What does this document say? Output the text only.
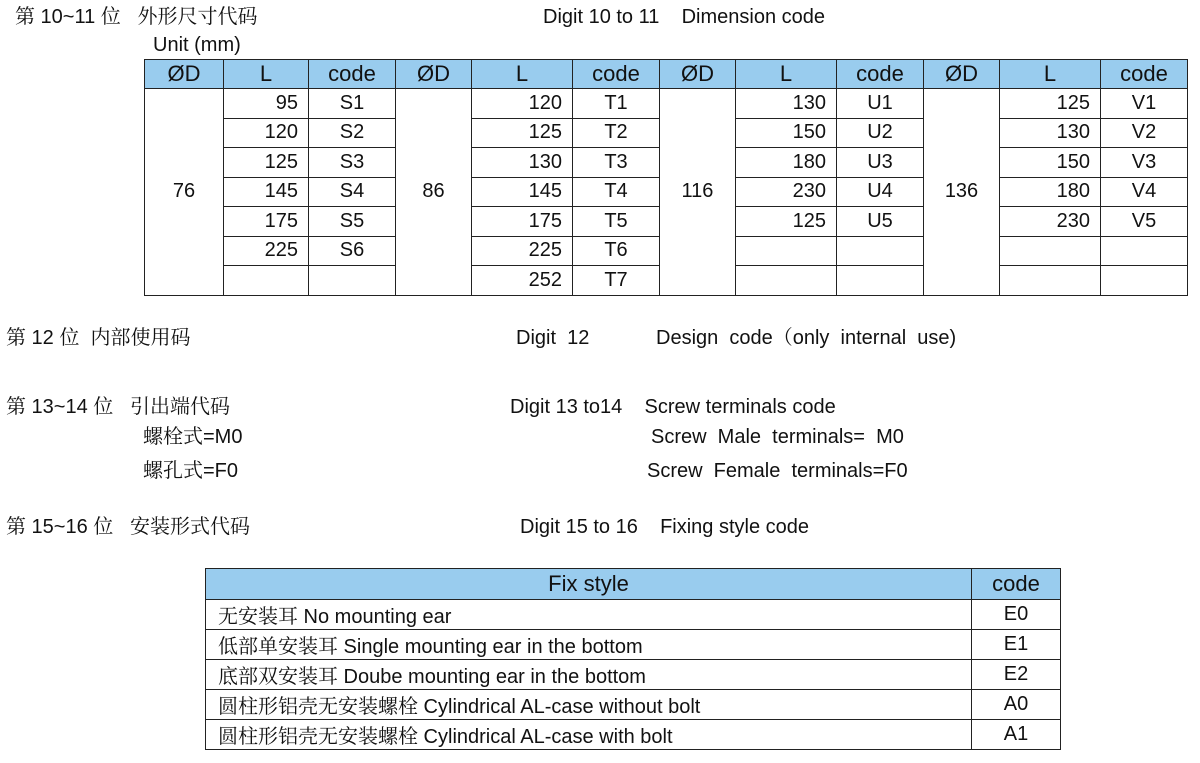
第 10~11 位   外形尺寸代码	Digit 10 to 11    Dimension code
Unit (mm)
ØD	L	code	ØD	L	code	ØD	L	code	ØD	L	code
76	95	S1	86	120	T1	116	130	U1	136	125	V1
	120	S2		125	T2		150	U2		130	V2
	125	S3		130	T3		180	U3		150	V3
	145	S4		145	T4		230	U4		180	V4
	175	S5		175	T5		125	U5		230	V5
	225	S6		225	T6						
				252	T7						
第 12 位  内部使用码	Digit  12	Design  code（only  internal  use)
第 13~14 位   引出端代码	Digit 13 to14    Screw terminals code
螺栓式=M0	Screw  Male  terminals=  M0
螺孔式=F0	Screw  Female  terminals=F0
第 15~16 位   安装形式代码	Digit 15 to 16    Fixing style code
Fix style	code
无安装耳 No mounting ear	E0
低部单安装耳 Single mounting ear in the bottom	E1
底部双安装耳 Doube mounting ear in the bottom	E2
圆柱形铝壳无安装螺栓 Cylindrical AL-case without bolt	A0
圆柱形铝壳无安装螺栓 Cylindrical AL-case with bolt	A1
